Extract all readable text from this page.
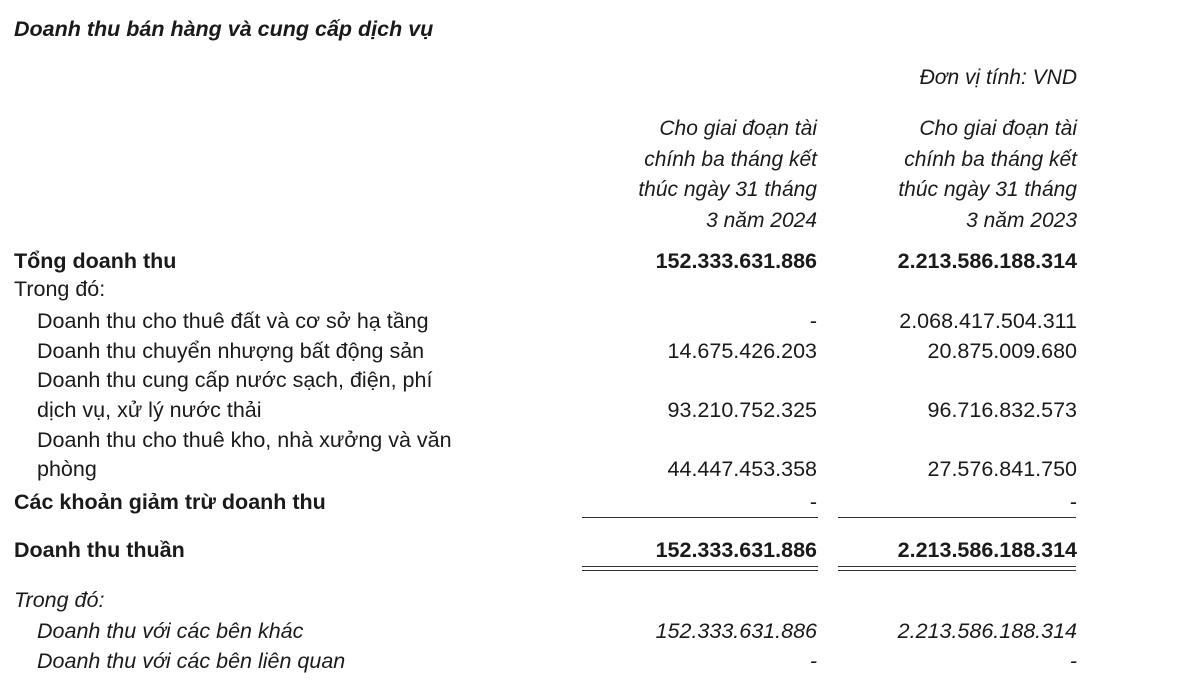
Doanh thu bán hàng và cung cấp dịch vụ
Đơn vị tính: VND
Cho giai đoạn tài
chính ba tháng kết
thúc ngày 31 tháng
3 năm 2024
Cho giai đoạn tài
chính ba tháng kết
thúc ngày 31 tháng
3 năm 2023
Tổng doanh thu	152.333.631.886	2.213.586.188.314
Trong đó:
Doanh thu cho thuê đất và cơ sở hạ tầng	-	2.068.417.504.311
Doanh thu chuyển nhượng bất động sản	14.675.426.203	20.875.009.680
Doanh thu cung cấp nước sạch, điện, phí
dịch vụ, xử lý nước thải	93.210.752.325	96.716.832.573
Doanh thu cho thuê kho, nhà xưởng và văn
phòng	44.447.453.358	27.576.841.750
Các khoản giảm trừ doanh thu	-	-
Doanh thu thuần	152.333.631.886	2.213.586.188.314
Trong đó:
Doanh thu với các bên khác	152.333.631.886	2.213.586.188.314
Doanh thu với các bên liên quan	-	-
